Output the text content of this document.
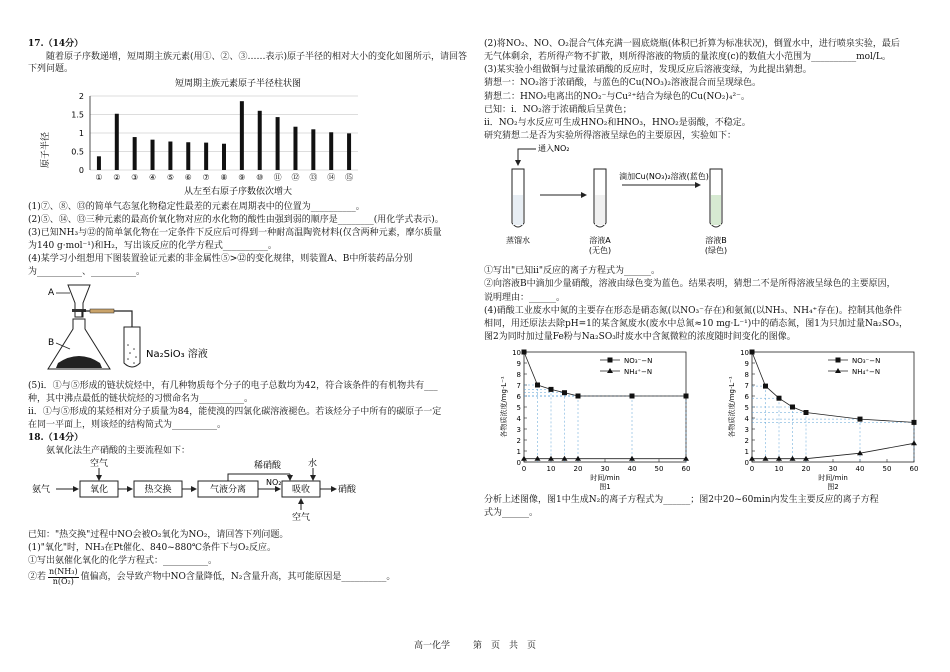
17.（14分）

随着原子序数递增，短周期主族元素(用①、②、③……表示)原子半径的相对大小的变化如图所示，请回答下列问题。

短周期主族元素原子半径柱状图
原子半径
0
0.5
1
1.5
2
① ② ③ ④ ⑤ ⑥ ⑦ ⑧ ⑨ ⑩ ⑪ ⑫ ⑬ ⑭ ⑮
从左至右原子序数依次增大

(1)⑦、⑧、⑬的简单气态氢化物稳定性最差的元素在周期表中的位置为__________。

(2)⑤、⑭、⑬三种元素的最高价氧化物对应的水化物的酸性由强到弱的顺序是________(用化学式表示)。

(3)已知NH₃与⑫的简单氯化物在一定条件下反应后可得到一种耐高温陶瓷材料(仅含两种元素，摩尔质量

为140 g·mol⁻¹)和H₂，写出该反应的化学方程式__________。

(4)某学习小组想用下图装置验证元素的非金属性⑤>⑫的变化规律，则装置A、B中所装药品分别

为__________、__________。

A
B
Na₂SiO₃ 溶液

(5)i．①与⑤形成的链状烷烃中，有几种物质每个分子的电子总数均为42，符合该条件的有机物共有___

种，其中沸点最低的链状烷烃的习惯命名为__________。

ii．①与⑤形成的某烃相对分子质量为84，能使溴的四氯化碳溶液褪色。若该烃分子中所有的碳原子一定

在同一平面上，则该烃的结构简式为__________。

18.（14分）

氨氧化法生产硝酸的主要流程如下：

氨气	氧化
空气
热交换	气液分离
NO₂
吸收	硝酸
稀硝酸	水
空气

已知："热交换"过程中NO会被O₂氧化为NO₂，请回答下列问题。

(1)"氧化"时，NH₃在Pt催化、840~880℃条件下与O₂反应。

①写出氨催化氧化的化学方程式：__________。

②若
n(NH₃)
n(O₂) 值偏高，会导致产物中NO含量降低，N₂含量升高，其可能原因是__________。

(2)将NO₂、NO、O₂混合气体充满一圆底烧瓶(体积已折算为标准状况)，倒置水中，进行喷泉实验，最后

无气体剩余，若所得产物不扩散，则所得溶液的物质的量浓度(c)的数值大小范围为__________mol/L。

(3)某实验小组做铜与过量浓硝酸的反应时，发现反应后溶液变绿，为此提出猜想。

猜想一：NO₂溶于浓硝酸，与蓝色的Cu(NO₃)₂溶液混合而呈现绿色。

猜想二：HNO₂电离出的NO₂⁻与Cu²⁺结合为绿色的Cu(NO₂)₄²⁻。

已知：i．NO₂溶于浓硝酸后呈黄色；

ii．NO₂与水反应可生成HNO₂和HNO₃，HNO₂是弱酸，不稳定。

研究猜想二是否为实验所得溶液呈绿色的主要原因，实验如下：

通入NO₂
蒸馏水	溶液A
(无色)
滴加Cu(NO₃)₂溶液(蓝色)
溶液B
(绿色)

①写出"已知ii"反应的离子方程式为______。

②向溶液B中滴加少量硝酸，溶液由绿色变为蓝色。结果表明，猜想二不是所得溶液呈绿色的主要原因，

说明理由：______。

(4)硝酸工业废水中氮的主要存在形态是硝态氮(以NO₃⁻存在)和氨氮(以NH₃、NH₄⁺存在)。控制其他条件

相同，用还原法去除pH=1的某含氮废水(废水中总氮≈10 mg·L⁻¹)中的硝态氮，图1为只加过量Na₂SO₃，

图2为同时加过量Fe粉与Na₂SO₃时废水中含氮微粒的浓度随时间变化的图像。

0
1
2
3
4
5
6
7
8
9
10
0	10	20	30	40	50	60
时间/min
图1
各物质浓度/mg·L⁻¹
NO₃⁻−N
NH₄⁺−N
0
1
2
3
4
5
6
7
8
9
10
0	10	20	30	40	50	60
时间/min
图2
各物质浓度/mg·L⁻¹
NO₃⁻−N
NH₄⁺−N

分析上述图像，图1中生成N₂的离子方程式为______；图2中20~60min内发生主要反应的离子方程

式为______。

高一化学	第　页　共　页
